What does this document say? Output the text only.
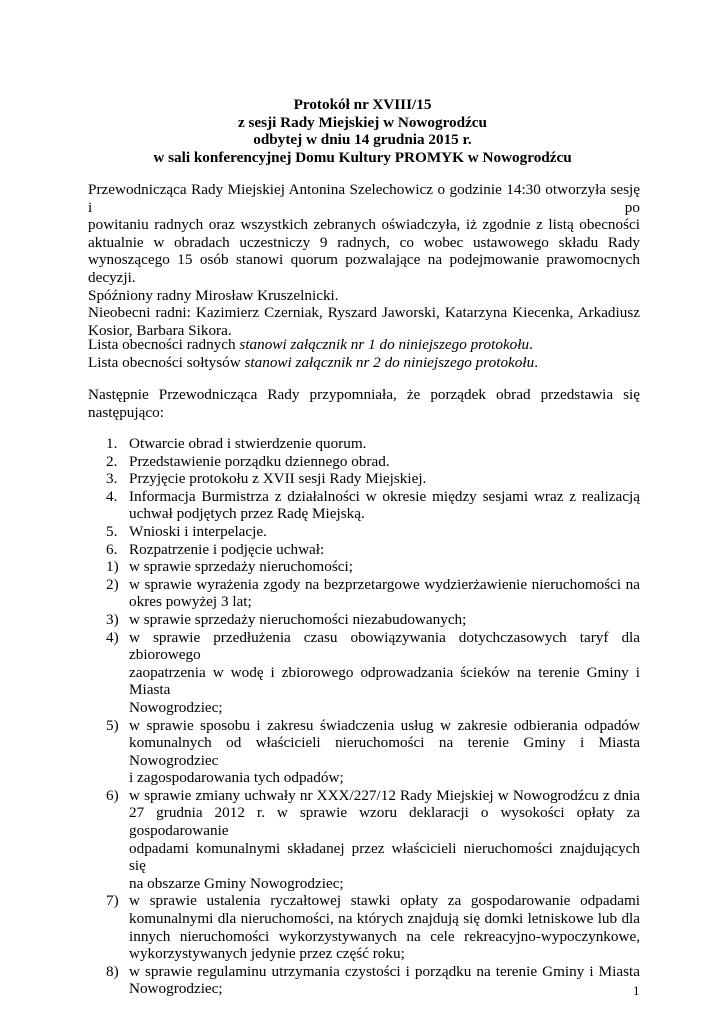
Protokół nr XVIII/15
z sesji Rady Miejskiej w Nowogrodźcu
odbytej w dniu 14 grudnia 2015 r.
w sali konferencyjnej Domu Kultury PROMYK w Nowogrodźcu
Przewodnicząca Rady Miejskiej Antonina Szelechowicz o godzinie 14:30 otworzyła sesję i po
powitaniu radnych oraz wszystkich zebranych oświadczyła, iż zgodnie z listą obecności
aktualnie w obradach uczestniczy 9 radnych, co wobec ustawowego składu Rady
wynoszącego 15 osób stanowi quorum pozwalające na podejmowanie prawomocnych
decyzji.
Spóźniony radny Mirosław Kruszelnicki.
Nieobecni radni: Kazimierz Czerniak, Ryszard Jaworski, Katarzyna Kiecenka, Arkadiusz
Kosior, Barbara Sikora.
Lista obecności radnych stanowi załącznik nr 1 do niniejszego protokołu.
Lista obecności sołtysów stanowi załącznik nr 2 do niniejszego protokołu.
Następnie Przewodnicząca Rady przypomniała, że porządek obrad przedstawia się
następująco:
1. Otwarcie obrad i stwierdzenie quorum.
2. Przedstawienie porządku dziennego obrad.
3. Przyjęcie protokołu z XVII sesji Rady Miejskiej.
4. Informacja Burmistrza z działalności w okresie między sesjami wraz z realizacją
uchwał podjętych przez Radę Miejską.
5. Wnioski i interpelacje.
6. Rozpatrzenie i podjęcie uchwał:
1) w sprawie sprzedaży nieruchomości;
2) w sprawie wyrażenia zgody na bezprzetargowe wydzierżawienie nieruchomości na
okres powyżej 3 lat;
3) w sprawie sprzedaży nieruchomości niezabudowanych;
4) w sprawie przedłużenia czasu obowiązywania dotychczasowych taryf dla zbiorowego
zaopatrzenia w wodę i zbiorowego odprowadzania ścieków na terenie Gminy i Miasta
Nowogrodziec;
5) w sprawie sposobu i zakresu świadczenia usług w zakresie odbierania odpadów
komunalnych od właścicieli nieruchomości na terenie Gminy i Miasta Nowogrodziec
i zagospodarowania tych odpadów;
6) w sprawie zmiany uchwały nr XXX/227/12 Rady Miejskiej w Nowogrodźcu z dnia
27 grudnia 2012 r. w sprawie wzoru deklaracji o wysokości opłaty za gospodarowanie
odpadami komunalnymi składanej przez właścicieli nieruchomości znajdujących się
na obszarze Gminy Nowogrodziec;
7) w sprawie ustalenia ryczałtowej stawki opłaty za gospodarowanie odpadami
komunalnymi dla nieruchomości, na których znajdują się domki letniskowe lub dla
innych nieruchomości wykorzystywanych na cele rekreacyjno-wypoczynkowe,
wykorzystywanych jedynie przez część roku;
8) w sprawie regulaminu utrzymania czystości i porządku na terenie Gminy i Miasta
Nowogrodziec;	1
